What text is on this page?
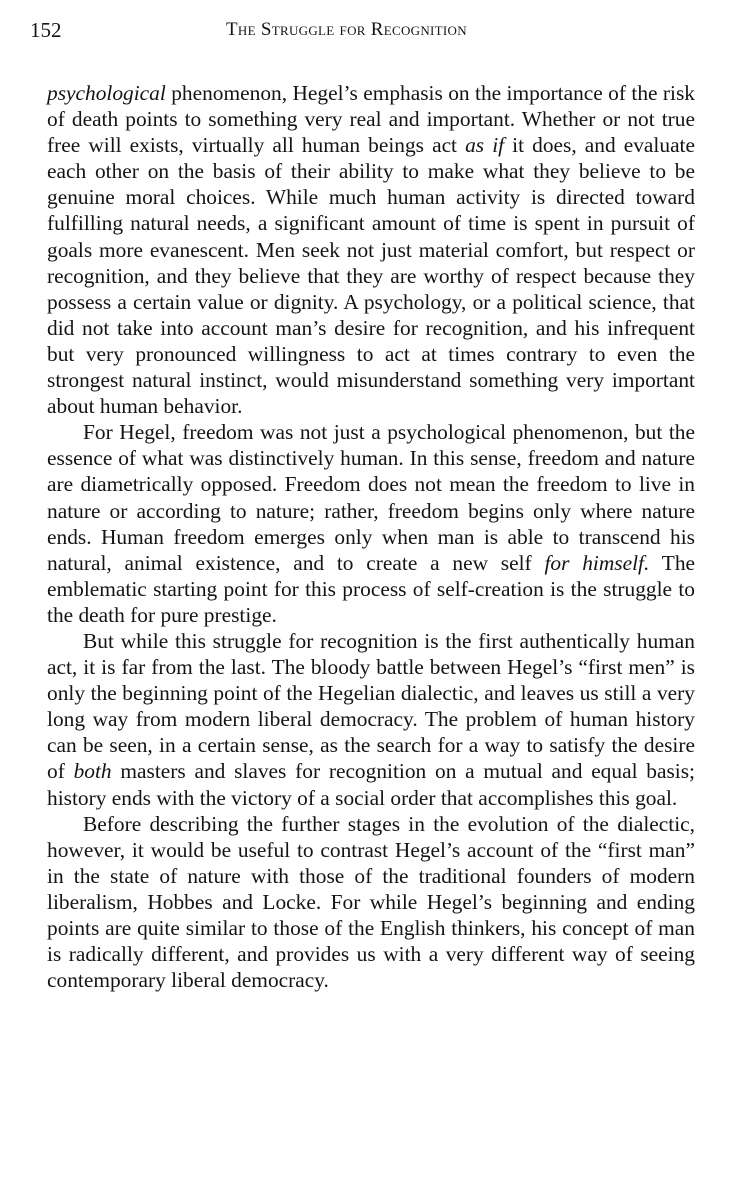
152	The Struggle for Recognition

psychological phenomenon, Hegel’s emphasis on the importance of the risk of death points to something very real and important. Whether or not true free will exists, virtually all human beings act as if it does, and evaluate each other on the basis of their ability to make what they believe to be genuine moral choices. While much human activity is directed toward fulfilling natural needs, a significant amount of time is spent in pursuit of goals more evanescent. Men seek not just material comfort, but respect or recognition, and they believe that they are worthy of respect because they possess a certain value or dignity. A psychology, or a political science, that did not take into account man’s desire for recognition, and his infrequent but very pronounced willingness to act at times contrary to even the strongest natural instinct, would misunderstand something very important about human behavior.

For Hegel, freedom was not just a psychological phenomenon, but the essence of what was distinctively human. In this sense, freedom and nature are diametrically opposed. Freedom does not mean the freedom to live in nature or according to nature; rather, freedom begins only where nature ends. Human freedom emerges only when man is able to transcend his natural, animal existence, and to create a new self for himself. The emblematic starting point for this process of self-creation is the struggle to the death for pure prestige.

But while this struggle for recognition is the first authentically human act, it is far from the last. The bloody battle between Hegel’s “first men” is only the beginning point of the Hegelian dialectic, and leaves us still a very long way from modern liberal democracy. The problem of human history can be seen, in a certain sense, as the search for a way to satisfy the desire of both masters and slaves for recognition on a mutual and equal basis; history ends with the victory of a social order that accomplishes this goal.

Before describing the further stages in the evolution of the dialectic, however, it would be useful to contrast Hegel’s account of the “first man” in the state of nature with those of the traditional founders of modern liberalism, Hobbes and Locke. For while Hegel’s beginning and ending points are quite similar to those of the English thinkers, his concept of man is radically different, and provides us with a very different way of seeing contemporary liberal democracy.
